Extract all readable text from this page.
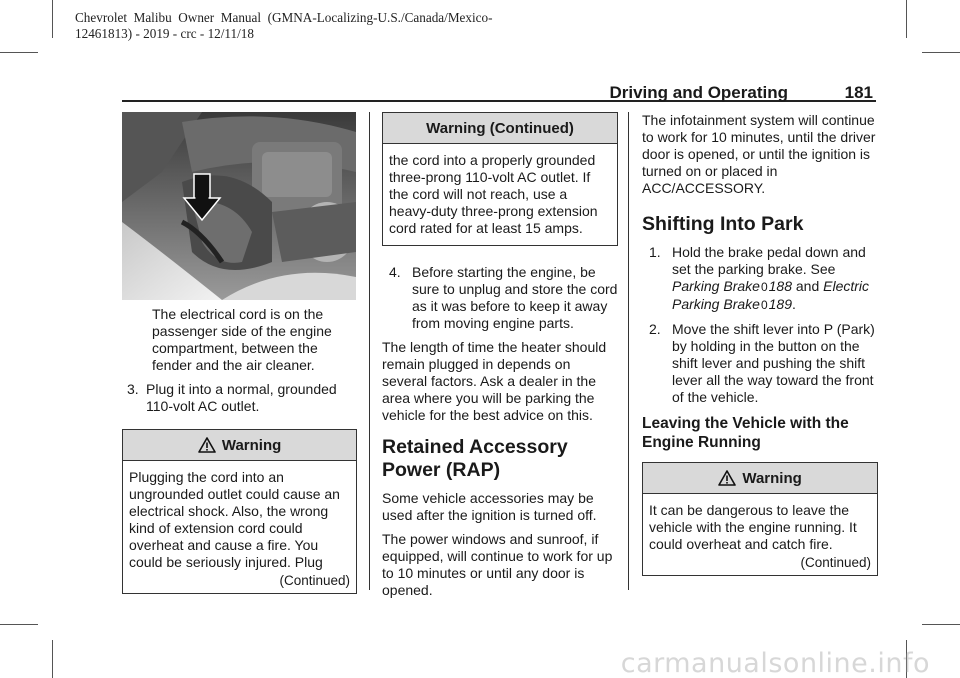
Chevrolet  Malibu  Owner  Manual  (GMNA-Localizing-U.S./Canada/Mexico-
12461813) - 2019 - crc - 12/11/18
Driving and Operating	181
The electrical cord is on the passenger side of the engine compartment, between the fender and the air cleaner.
3. Plug it into a normal, grounded 110-volt AC outlet.
Warning
Plugging the cord into an ungrounded outlet could cause an electrical shock. Also, the wrong kind of extension cord could overheat and cause a fire. You could be seriously injured. Plug
(Continued)
Warning (Continued)
the cord into a properly grounded three-prong 110-volt AC outlet. If the cord will not reach, use a heavy-duty three-prong extension cord rated for at least 15 amps.
4. Before starting the engine, be sure to unplug and store the cord as it was before to keep it away from moving engine parts.
The length of time the heater should remain plugged in depends on several factors. Ask a dealer in the area where you will be parking the vehicle for the best advice on this.
Retained Accessory Power (RAP)
Some vehicle accessories may be used after the ignition is turned off.
The power windows and sunroof, if equipped, will continue to work for up to 10 minutes or until any door is opened.
The infotainment system will continue to work for 10 minutes, until the driver door is opened, or until the ignition is turned on or placed in ACC/ACCESSORY.
Shifting Into Park
1. Hold the brake pedal down and set the parking brake. See Parking Brake0188 and Electric Parking Brake0189.
2. Move the shift lever into P (Park) by holding in the button on the shift lever and pushing the shift lever all the way toward the front of the vehicle.
Leaving the Vehicle with the Engine Running
Warning
It can be dangerous to leave the vehicle with the engine running. It could overheat and catch fire.
(Continued)
carmanualsonline.info
